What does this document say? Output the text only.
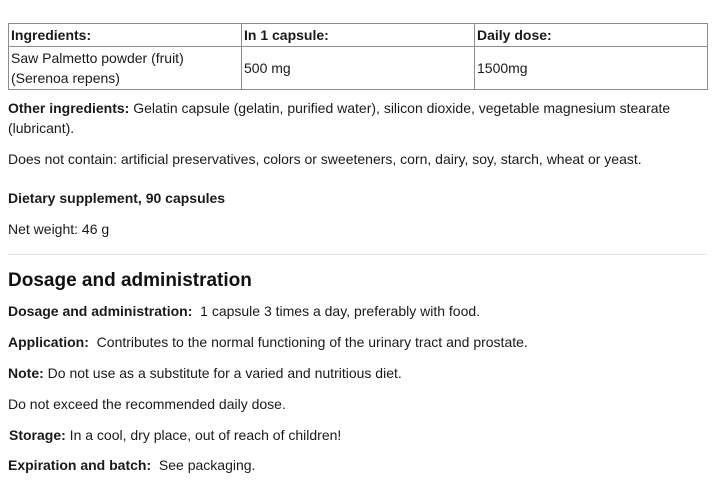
Ingredients:	In 1 capsule:	Daily dose:
Saw Palmetto powder (fruit)
(Serenoa repens)	500 mg	1500mg

Other ingredients: Gelatin capsule (gelatin, purified water), silicon dioxide, vegetable magnesium stearate (lubricant).

Does not contain: artificial preservatives, colors or sweeteners, corn, dairy, soy, starch, wheat or yeast.

Dietary supplement, 90 capsules

Net weight: 46 g

Dosage and administration

Dosage and administration:  1 capsule 3 times a day, preferably with food.

Application:  Contributes to the normal functioning of the urinary tract and prostate.

Note: Do not use as a substitute for a varied and nutritious diet.

Do not exceed the recommended daily dose.

Storage: In a cool, dry place, out of reach of children!

Expiration and batch:  See packaging.
